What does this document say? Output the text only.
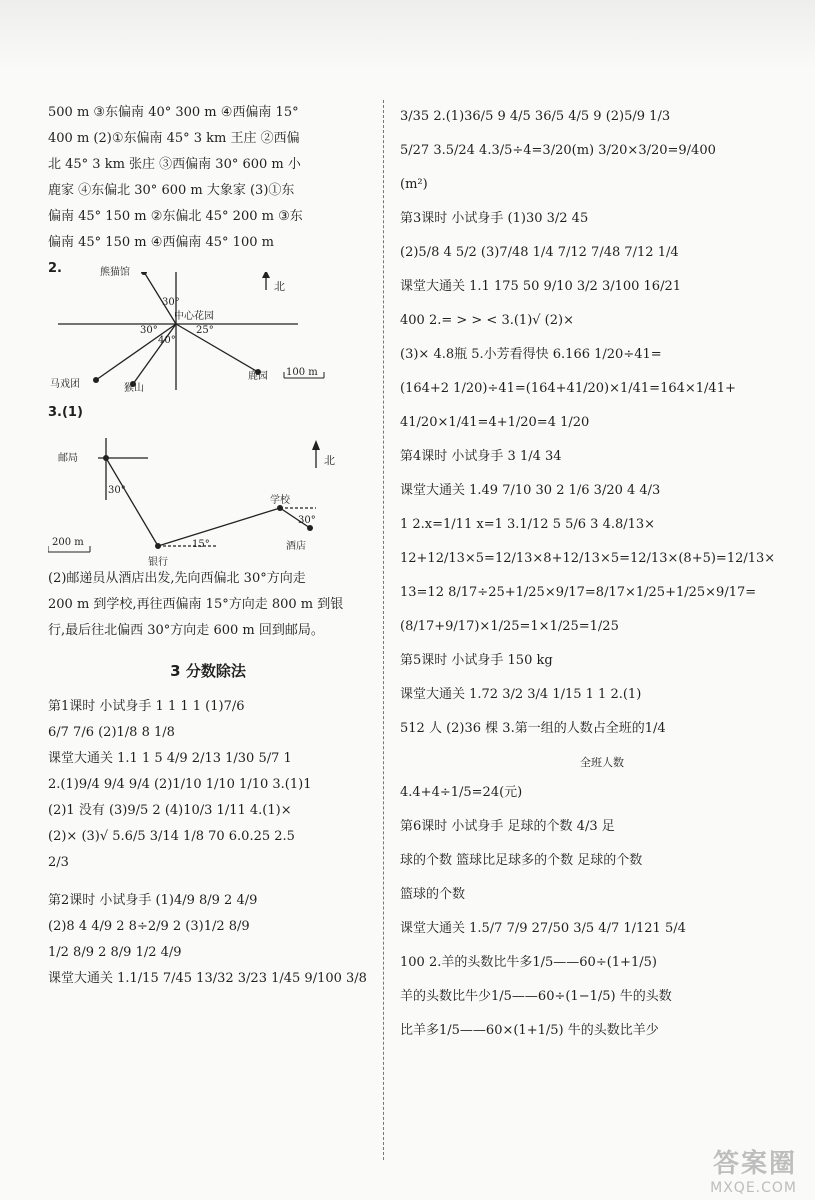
500 m ③东偏南 40° 300 m ④西偏南 15°
400 m (2)①东偏南 45° 3 km 王庄 ②西偏
北 45° 3 km 张庄 ③西偏南 30° 600 m 小
鹿家 ④东偏北 30° 600 m 大象家 (3)①东
偏南 45° 150 m ②东偏北 45° 200 m ③东
偏南 45° 150 m ④西偏南 45° 100 m
2.	熊猫馆
北
中心花园
30°
30°
40°
25°
马戏团	猴山
鹿园 100 m
3.(1)
邮局	北
30°
学校
30°
15°
银行
酒店
200 m
(2)邮递员从酒店出发,先向西偏北 30°方向走
200 m 到学校,再往西偏南 15°方向走 800 m 到银
行,最后往北偏西 30°方向走 600 m 回到邮局。
3 分数除法
第1课时 小试身手 1 1 1 1 (1)7/6
6/7 7/6 (2)1/8 8 1/8
课堂大通关 1.1 1 5 4/9 2/13 1/30 5/7 1
2.(1)9/4 9/4 9/4 (2)1/10 1/10 1/10 3.(1)1
(2)1 没有 (3)9/5 2 (4)10/3 1/11 4.(1)×
(2)× (3)√ 5.6/5 3/14 1/8 70 6.0.25 2.5
2/3
第2课时 小试身手 (1)4/9 8/9 2 4/9
(2)8 4 4/9 2 8÷2/9 2 (3)1/2 8/9
1/2 8/9 2 8/9 1/2 4/9
课堂大通关 1.1/15 7/45 13/32 3/23 1/45 9/100 3/8
3/35 2.(1)36/5 9 4/5 36/5 4/5 9 (2)5/9 1/3
5/27 3.5/24 4.3/5÷4=3/20(m) 3/20×3/20=9/400
(m²)
第3课时 小试身手 (1)30 3/2 45
(2)5/8 4 5/2 (3)7/48 1/4 7/12 7/48 7/12 1/4
课堂大通关 1.1 175 50 9/10 3/2 3/100 16/21
400 2.= > > < 3.(1)√ (2)×
(3)× 4.8瓶 5.小芳看得快 6.166 1/20÷41=
(164+2 1/20)÷41=(164+41/20)×1/41=164×1/41+
41/20×1/41=4+1/20=4 1/20
第4课时 小试身手 3 1/4 34
课堂大通关 1.49 7/10 30 2 1/6 3/20 4 4/3
1 2.x=1/11 x=1 3.1/12 5 5/6 3 4.8/13×
12+12/13×5=12/13×8+12/13×5=12/13×(8+5)=12/13×
13=12 8/17÷25+1/25×9/17=8/17×1/25+1/25×9/17=
(8/17+9/17)×1/25=1×1/25=1/25
第5课时 小试身手 150 kg
课堂大通关 1.72 3/2 3/4 1/15 1 1 2.(1)
512 人 (2)36 棵 3.第一组的人数占全班的1/4
全班人数
4.4+4÷1/5=24(元)
第6课时 小试身手 足球的个数 4/3 足
球的个数 篮球比足球多的个数 足球的个数
篮球的个数
课堂大通关 1.5/7 7/9 27/50 3/5 4/7 1/121 5/4
100 2.羊的头数比牛多1/5——60÷(1+1/5)
羊的头数比牛少1/5——60÷(1−1/5) 牛的头数
比羊多1/5——60×(1+1/5) 牛的头数比羊少
答案圈
MXQE.COM
